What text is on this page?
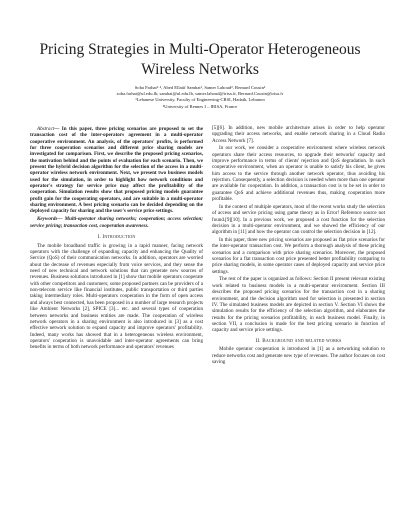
Pricing Strategies in Multi-Operator Heterogeneous
Wireless Networks
Soha Farhat¹·², Abed Ellatif Samhat¹, Samer Lahoud², Bernard Cousin²
soha.farhat@ul.edu.lb, samhat@ul.edu.lb, samer.lahoud@irisa.fr, Bernard.Cousin@irisa.fr
¹Lebanese University, Faculty of Engineering-CRSI, Hadath, Lebanon
²University of Rennes I – IRISA, France

Abstract— In this paper, three pricing scenarios are proposed to set the transaction cost of the inter-operators agreement in a multi-operator cooperative environment. An analysis, of the operators' profits, is performed for three cooperation scenarios and different price sharing models are investigated for comparison. First, we describe the proposed pricing scenarios, the motivation behind and the points of evaluation for each scenario. Then, we present the hybrid decision algorithm for the selection of the access in a multi-operator wireless network environment. Next, we present two business models used for the simulation, in order to highlight how network conditions and operator's strategy for service price may affect the profitability of the cooperation. Simulation results show that proposed pricing models guarantee profit gain for the cooperating operators, and are suitable in a multi-operator sharing environment. A best pricing scenario can be decided depending on the deployed capacity for sharing and the user's service price settings.

Keywords— Multi-operator sharing networks; cooperation; access selection; service pricing; transaction cost, cooperation awareness.

I. Introduction

The mobile broadband traffic is growing in a rapid manner, facing network operators with the challenge of expanding capacity and enhancing the Quality of Service (QoS) of their communication networks. In addition, operators are worried about the decrease of revenues especially from voice services, and they sense the need of new technical and network solutions that can generate new sources of revenues. Business solutions introduced in [1] show that mobile operators cooperate with other competitors and customers; some proposed partners can be providers of a non-telecom service like financial institutes, public transportation or third parties taking intermediary roles. Multi-operators cooperation in the form of open access and always best connected, has been proposed in a number of large research projects like Ambient Networks [2], SPICE [3]... etc. and several types of cooperation between networks and business entities are made. The cooperation of wireless network operators in a sharing environment is also introduced in [3] as a cost effective network solution to expand capacity and improve operators' profitability. Indeed, many works has showed that in a heterogeneous wireless environment, operators' cooperation is unavoidable and inter-operator agreements can bring benefits in terms of both network performance and operators' revenues

[5][6]. In addition, new mobile architecture arises in order to help operator upgrading their access networks, and enable network sharing in a Cloud Radio Access Network [7].

In our work, we consider a cooperative environment where wireless network operators share their access resources, to upgrade their networks' capacity and improve performance in terms of clients' rejection and QoS degradation. In such cooperative environment, when an operator is unable to satisfy his client, he gives him access to the service through another network operator, thus avoiding his rejection. Consequently, a selection decision is needed when more than one operator are available for cooperation. In addition, a transaction cost is to be set in order to guarantee QoS and achieve additional revenues thus, making cooperation more profitable.

In the context of multiple operators, most of the recent works study the selection of access and service pricing using game theory as in Error! Reference source not found.[9][10]. In a previous work, we proposed a cost function for the selection decision in a multi-operator environment, and we showed the efficiency of our algorithm in [11] and how the operator can control the selection decision in [12].

In this paper, three new pricing scenarios are proposed as flat price scenarios for the inter-operator transaction cost. We perform a thorough analysis of these pricing scenarios and a comparison with price sharing scenarios. Moreover, the proposed scenarios for a flat transaction cost price presented better profitability comparing to price sharing models, in some operator cases of deployed capacity and service price settings.

The rest of the paper is organized as follows: Section II present relevant existing work related to business models in a multi-operator environment. Section III describes the proposed pricing scenarios for the transaction cost in a sharing environment, and the decision algorithm used for selection is presented in section IV. The simulated business models are depicted in section V. Section VI shows the simulation results for the efficiency of the selection algorithm, and elaborates the results for the pricing scenarios profitability, in each business model. Finally, in section VII, a conclusion is made for the best pricing scenario in function of capacity and service price settings.

II. Background and related works

Mobile operator cooperation is introduced in [1] as a networking solution to reduce networks cost and generate new type of revenues. The author focuses on cost saving
